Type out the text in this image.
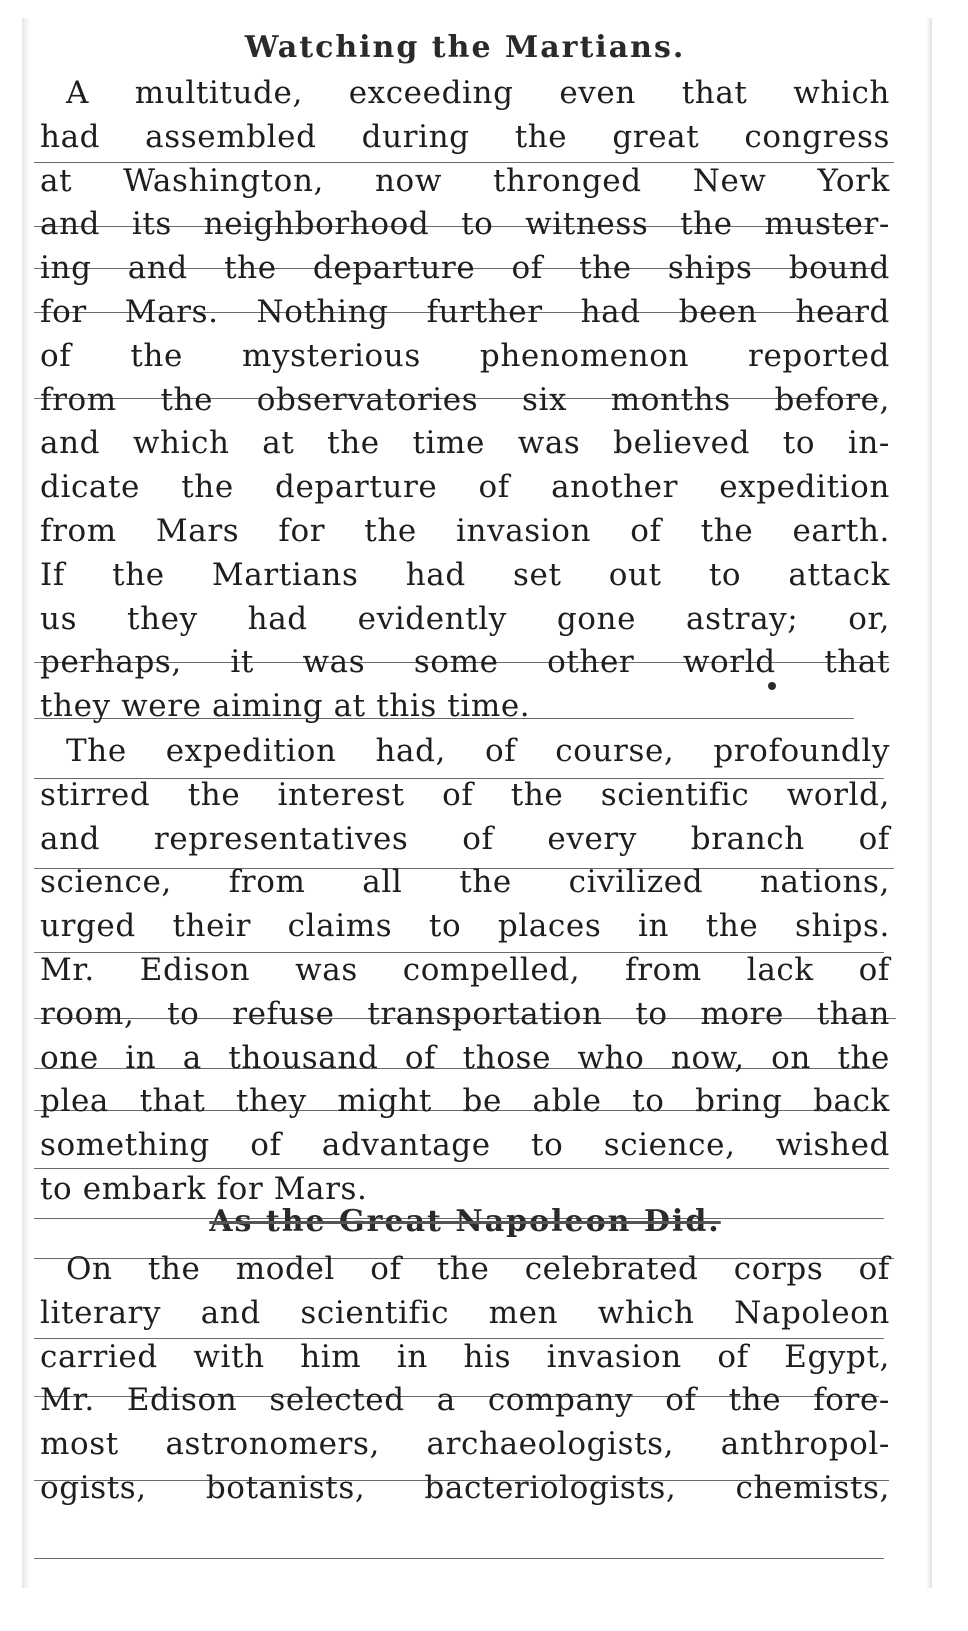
Watching the Martians.
A multitude, exceeding even that which
had assembled during the great congress
at Washington, now thronged New York
and its neighborhood to witness the muster-
ing and the departure of the ships bound
for Mars. Nothing further had been heard
of the mysterious phenomenon reported
from the observatories six months before,
and which at the time was believed to in-
dicate the departure of another expedition
from Mars for the invasion of the earth.
If the Martians had set out to attack
us they had evidently gone astray; or,
perhaps, it was some other world that
they were aiming at this time.
The expedition had, of course, profoundly
stirred the interest of the scientific world,
and representatives of every branch of
science, from all the civilized nations,
urged their claims to places in the ships.
Mr. Edison was compelled, from lack of
room, to refuse transportation to more than
one in a thousand of those who now, on the
plea that they might be able to bring back
something of advantage to science, wished
to embark for Mars.
As the Great Napoleon Did.
On the model of the celebrated corps of
literary and scientific men which Napoleon
carried with him in his invasion of Egypt,
Mr. Edison selected a company of the fore-
most astronomers, archaeologists, anthropol-
ogists, botanists, bacteriologists, chemists,
